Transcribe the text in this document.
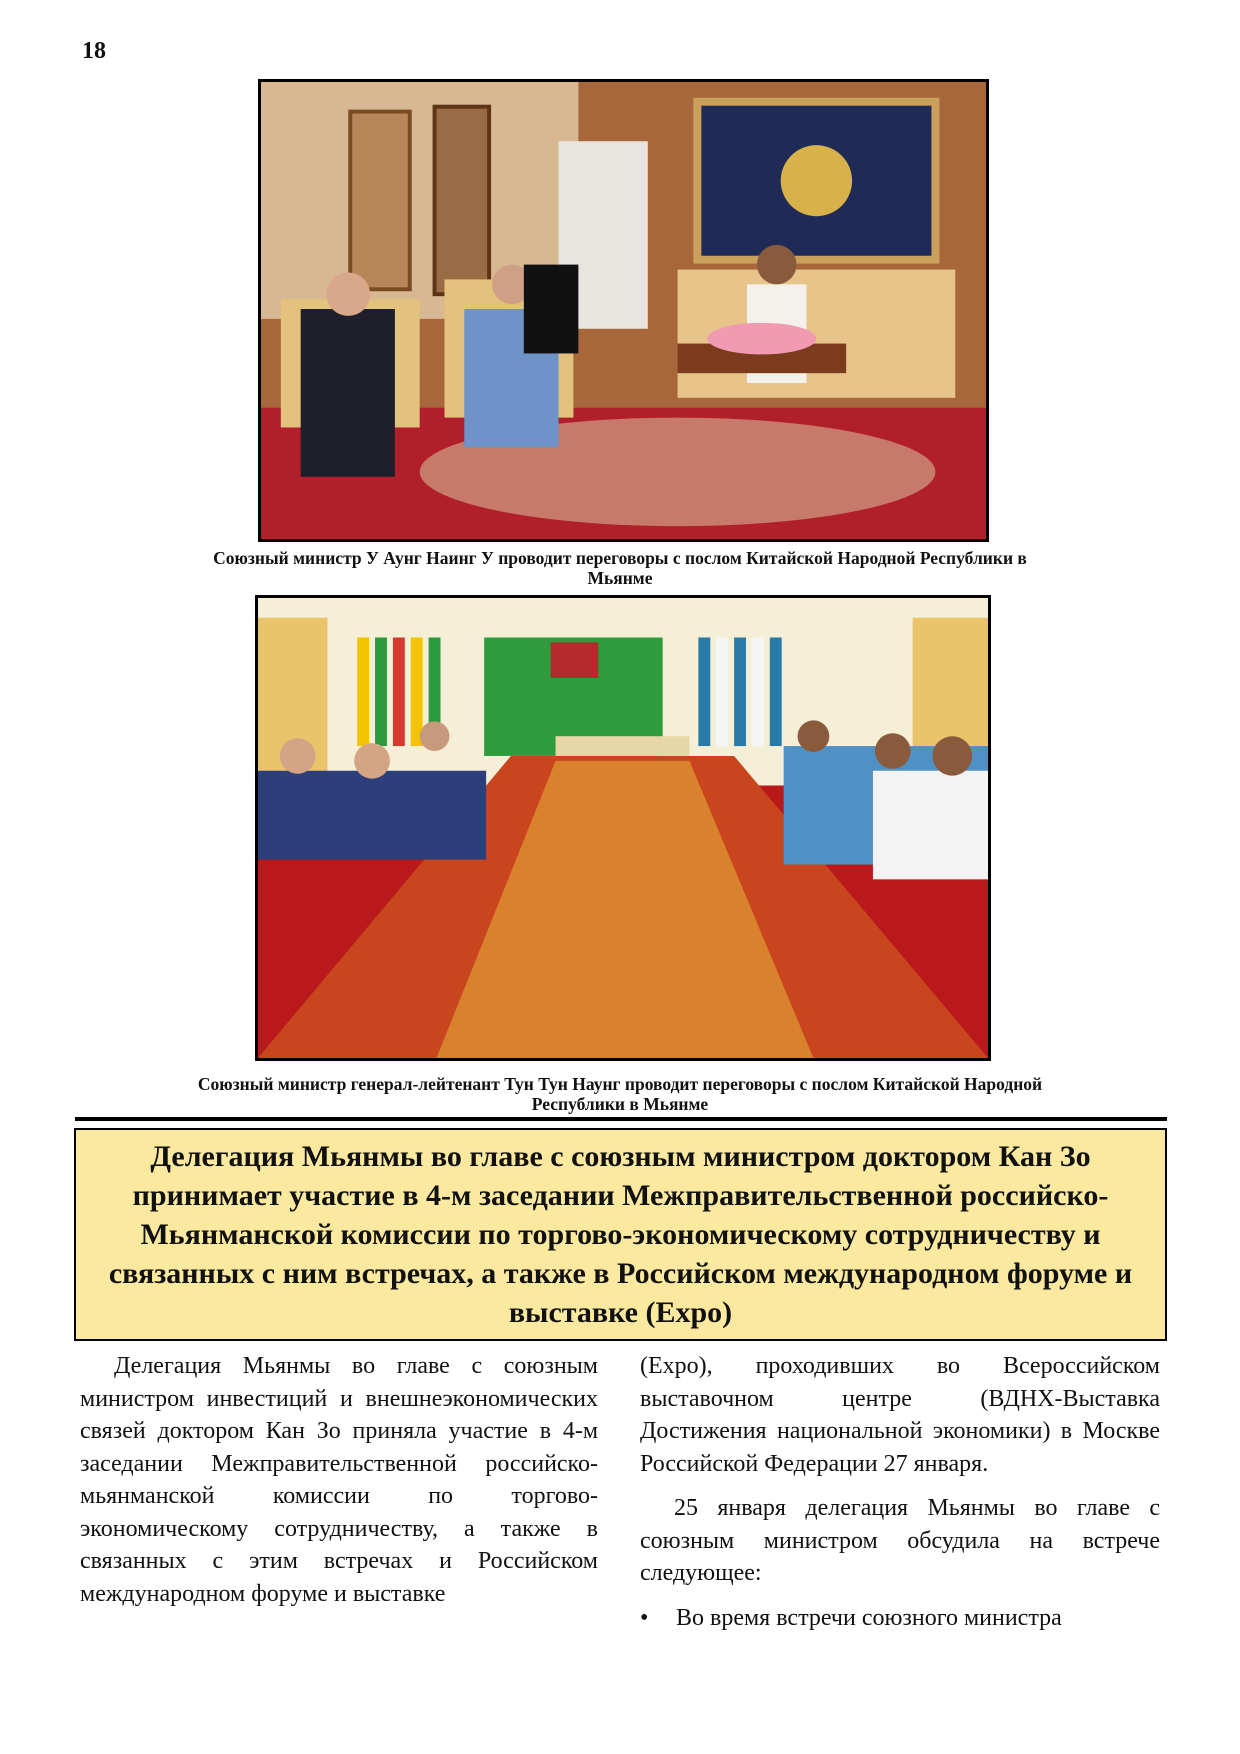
18
Союзный министр У Аунг Наинг У проводит переговоры с послом Китайской Народной Республики в Мьянме
Союзный министр генерал-лейтенант Тун Тун Наунг проводит переговоры с послом Китайской Народной Республики в Мьянме
Делегация Мьянмы во главе с союзным министром доктором Кан Зо принимает участие в 4-м заседании Межправительственной российско-Мьянманской комиссии по торгово-экономическому сотрудничеству и связанных с ним встречах, а также в Российском международном форуме и выставке (Expo)

Делегация Мьянмы во главе с союзным министром инвестиций и внешнеэкономических связей доктором Кан Зо приняла участие в 4-м заседании Межправительственной российско-мьянманской комиссии по торгово-экономическому сотрудничеству, а также в связанных с этим встречах и Российском международном форуме и выставке

(Expo), проходивших во Всероссийском выставочном центре (ВДНХ-Выставка Достижения национальной экономики) в Москве Российской Федерации 27 января.

25 января делегация Мьянмы во главе с союзным министром обсудила на встрече следующее:

• Во время встречи союзного министра
